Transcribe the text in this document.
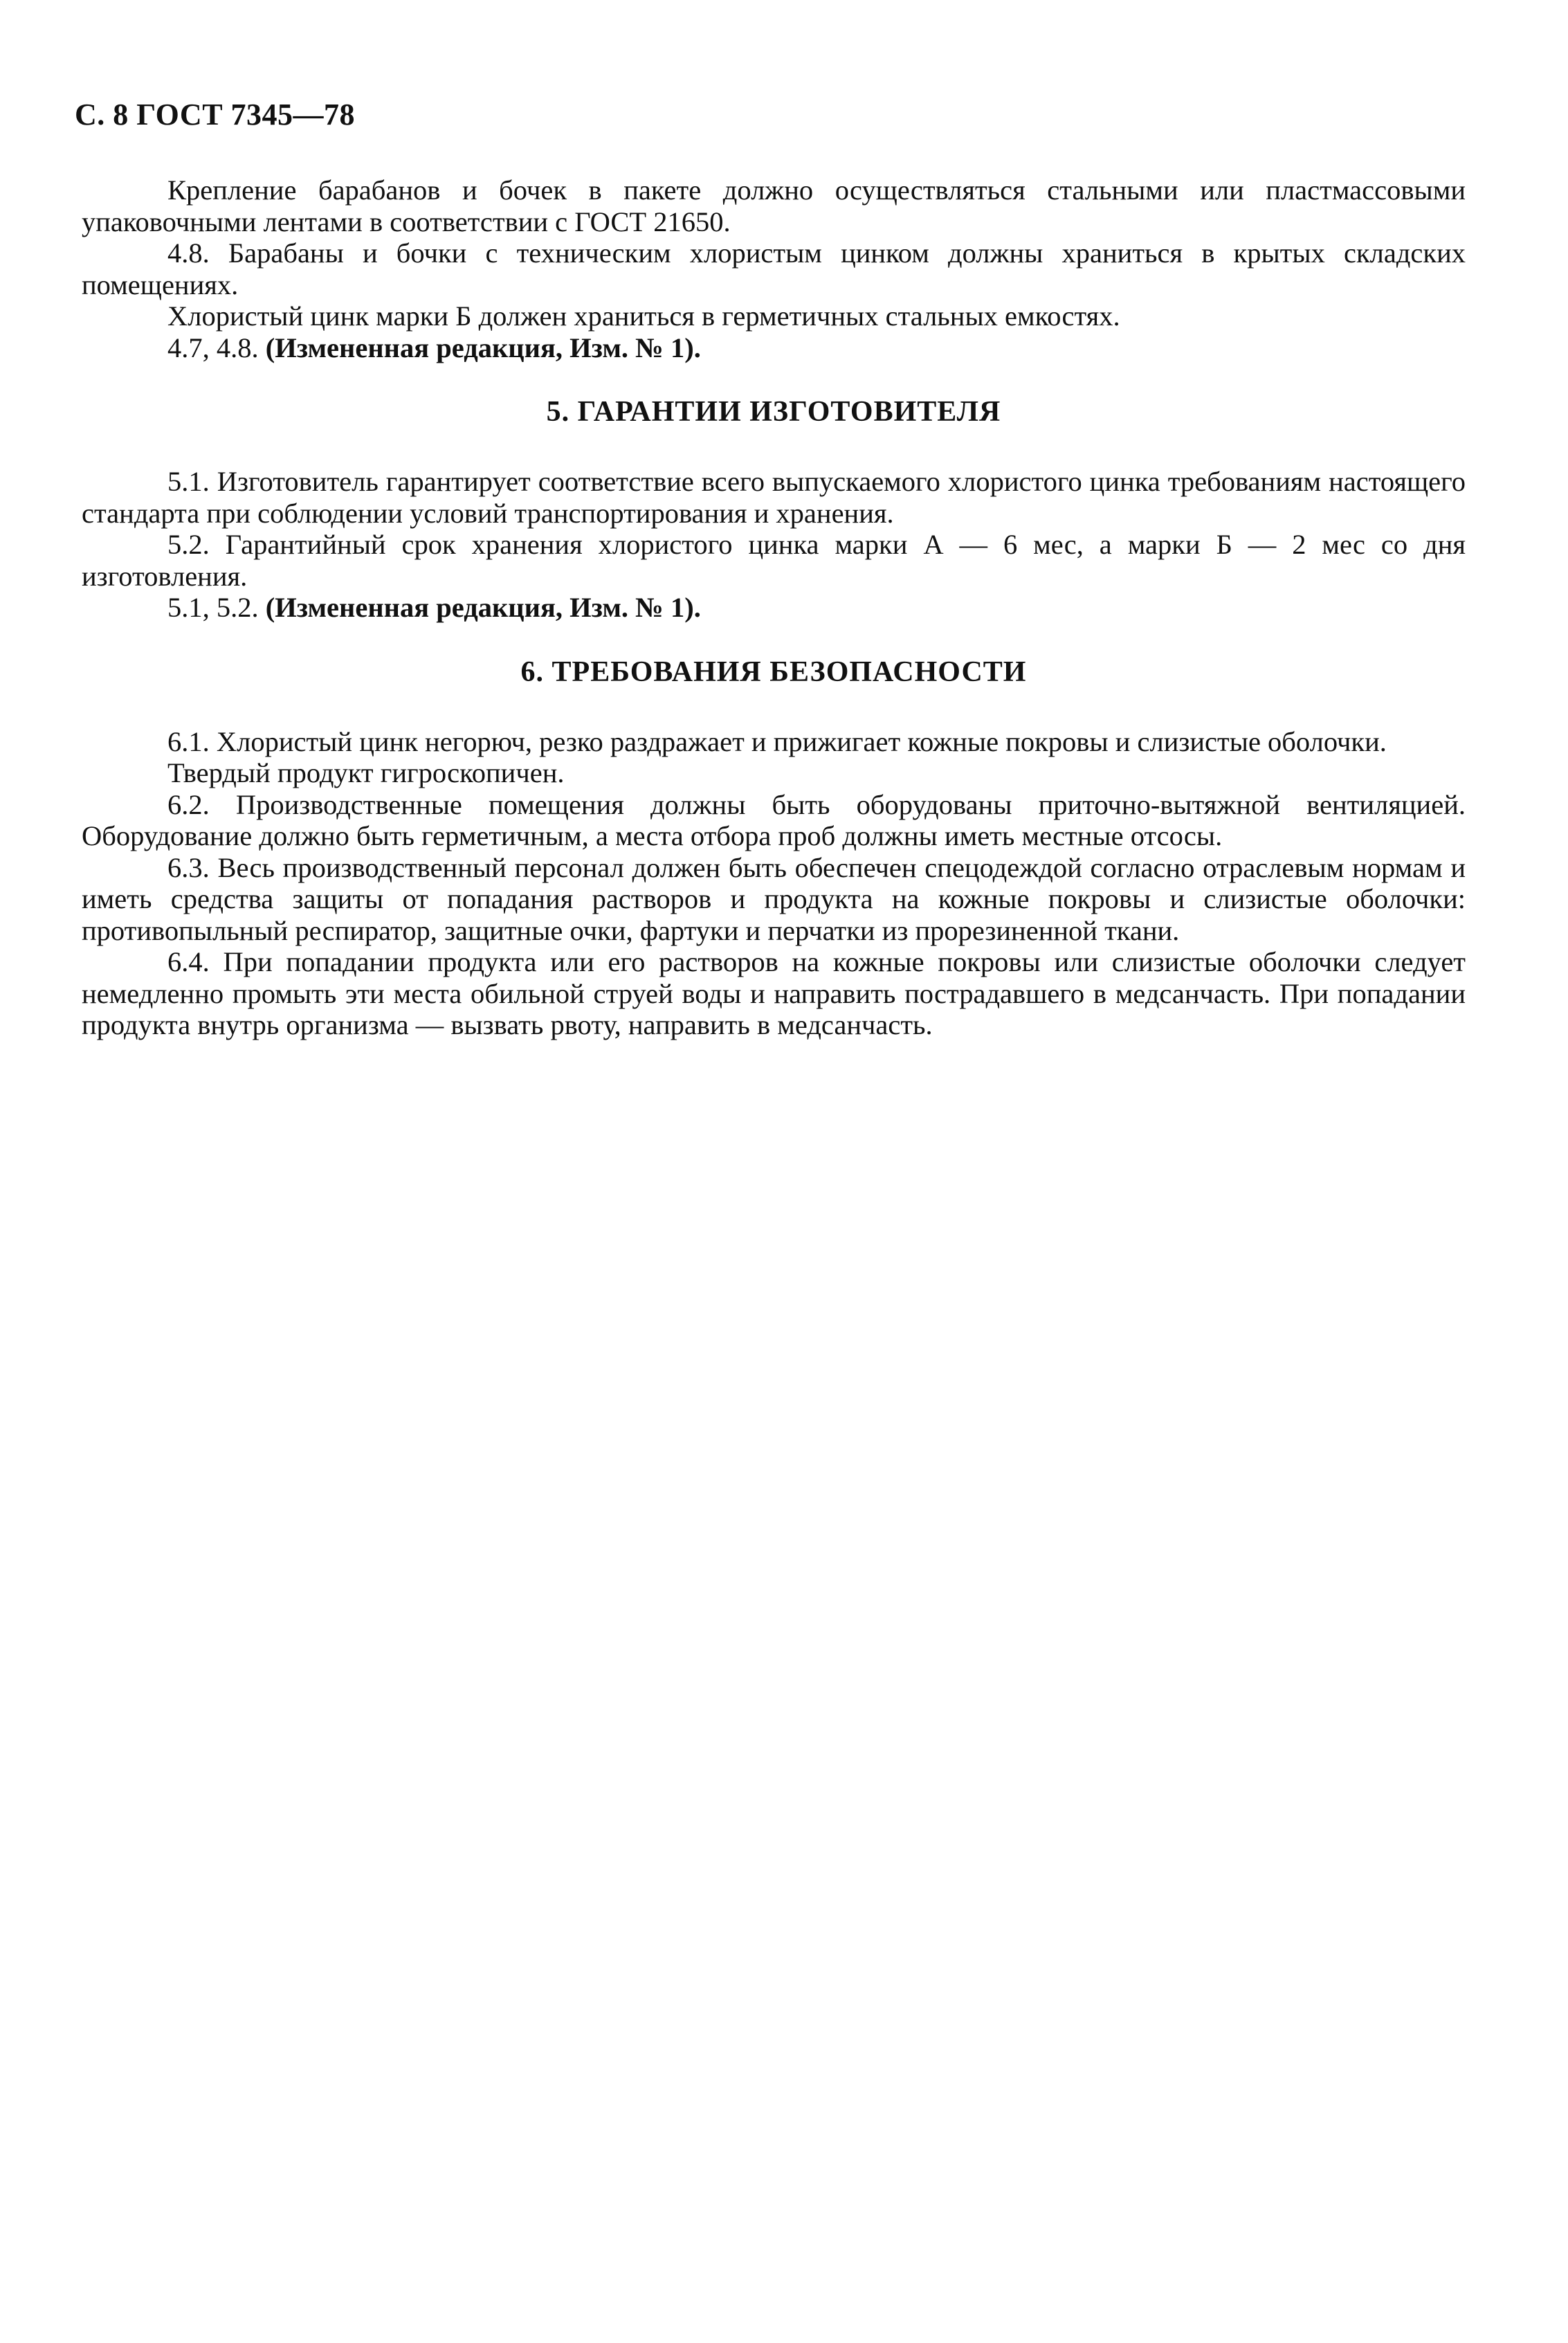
С. 8 ГОСТ 7345—78

Крепление барабанов и бочек в пакете должно осуществляться стальными или пластмассовыми упаковочными лентами в соответствии с ГОСТ 21650.

4.8. Барабаны и бочки с техническим хлористым цинком должны храниться в крытых складских помещениях.

Хлористый цинк марки Б должен храниться в герметичных стальных емкостях.

4.7, 4.8. (Измененная редакция, Изм. № 1).

5. ГАРАНТИИ ИЗГОТОВИТЕЛЯ

5.1. Изготовитель гарантирует соответствие всего выпускаемого хлористого цинка требованиям настоящего стандарта при соблюдении условий транспортирования и хранения.

5.2. Гарантийный срок хранения хлористого цинка марки А — 6 мес, а марки Б — 2 мес со дня изготовления.

5.1, 5.2. (Измененная редакция, Изм. № 1).

6. ТРЕБОВАНИЯ БЕЗОПАСНОСТИ

6.1. Хлористый цинк негорюч, резко раздражает и прижигает кожные покровы и слизистые оболочки.

Твердый продукт гигроскопичен.

6.2. Производственные помещения должны быть оборудованы приточно-вытяжной вентиляцией. Оборудование должно быть герметичным, а места отбора проб должны иметь местные отсосы.

6.3. Весь производственный персонал должен быть обеспечен спецодеждой согласно отраслевым нормам и иметь средства защиты от попадания растворов и продукта на кожные покровы и слизистые оболочки: противопыльный респиратор, защитные очки, фартуки и перчатки из прорезиненной ткани.

6.4. При попадании продукта или его растворов на кожные покровы или слизистые оболочки следует немедленно промыть эти места обильной струей воды и направить пострадавшего в медсанчасть. При попадании продукта внутрь организма — вызвать рвоту, направить в медсанчасть.
